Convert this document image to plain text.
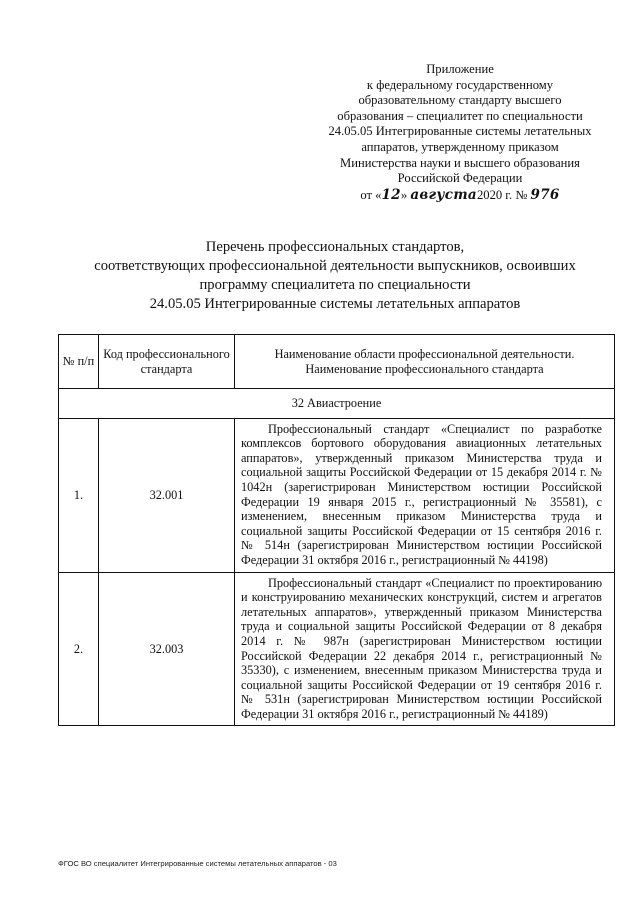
Приложение
к федеральному государственному
образовательному стандарту высшего
образования – специалитет по специальности
24.05.05 Интегрированные системы летательных
аппаратов, утвержденному приказом
Министерства науки и высшего образования
Российской Федерации
от «12» августа2020 г. № 976
Перечень профессиональных стандартов,
соответствующих профессиональной деятельности выпускников, освоивших
программу специалитета по специальности
24.05.05 Интегрированные системы летательных аппаратов
№ п/п	Код профессионального стандарта	Наименование области профессиональной деятельности. Наименование профессионального стандарта
32 Авиастроение		
1.	32.001	Профессиональный стандарт «Специалист по разработке комплексов бортового оборудования авиационных летательных аппаратов», утвержденный приказом Министерства труда и социальной защиты Российской Федерации от 15 декабря 2014 г. № 1042н (зарегистрирован Министерством юстиции Российской Федерации 19 января 2015 г., регистрационный № 35581), с изменением, внесенным приказом Министерства труда и социальной защиты Российской Федерации от 15 сентября 2016 г. № 514н (зарегистрирован Министерством юстиции Российской Федерации 31 октября 2016 г., регистрационный № 44198)
2.	32.003	Профессиональный стандарт «Специалист по проектированию и конструированию механических конструкций, систем и агрегатов летательных аппаратов», утвержденный приказом Министерства труда и социальной защиты Российской Федерации от 8 декабря 2014 г. № 987н (зарегистрирован Министерством юстиции Российской Федерации 22 декабря 2014 г., регистрационный № 35330), с изменением, внесенным приказом Министерства труда и социальной защиты Российской Федерации от 19 сентября 2016 г. № 531н (зарегистрирован Министерством юстиции Российской Федерации 31 октября 2016 г., регистрационный № 44189)
ФГОС ВО специалитет Интегрированные системы летательных аппаратов - 03
